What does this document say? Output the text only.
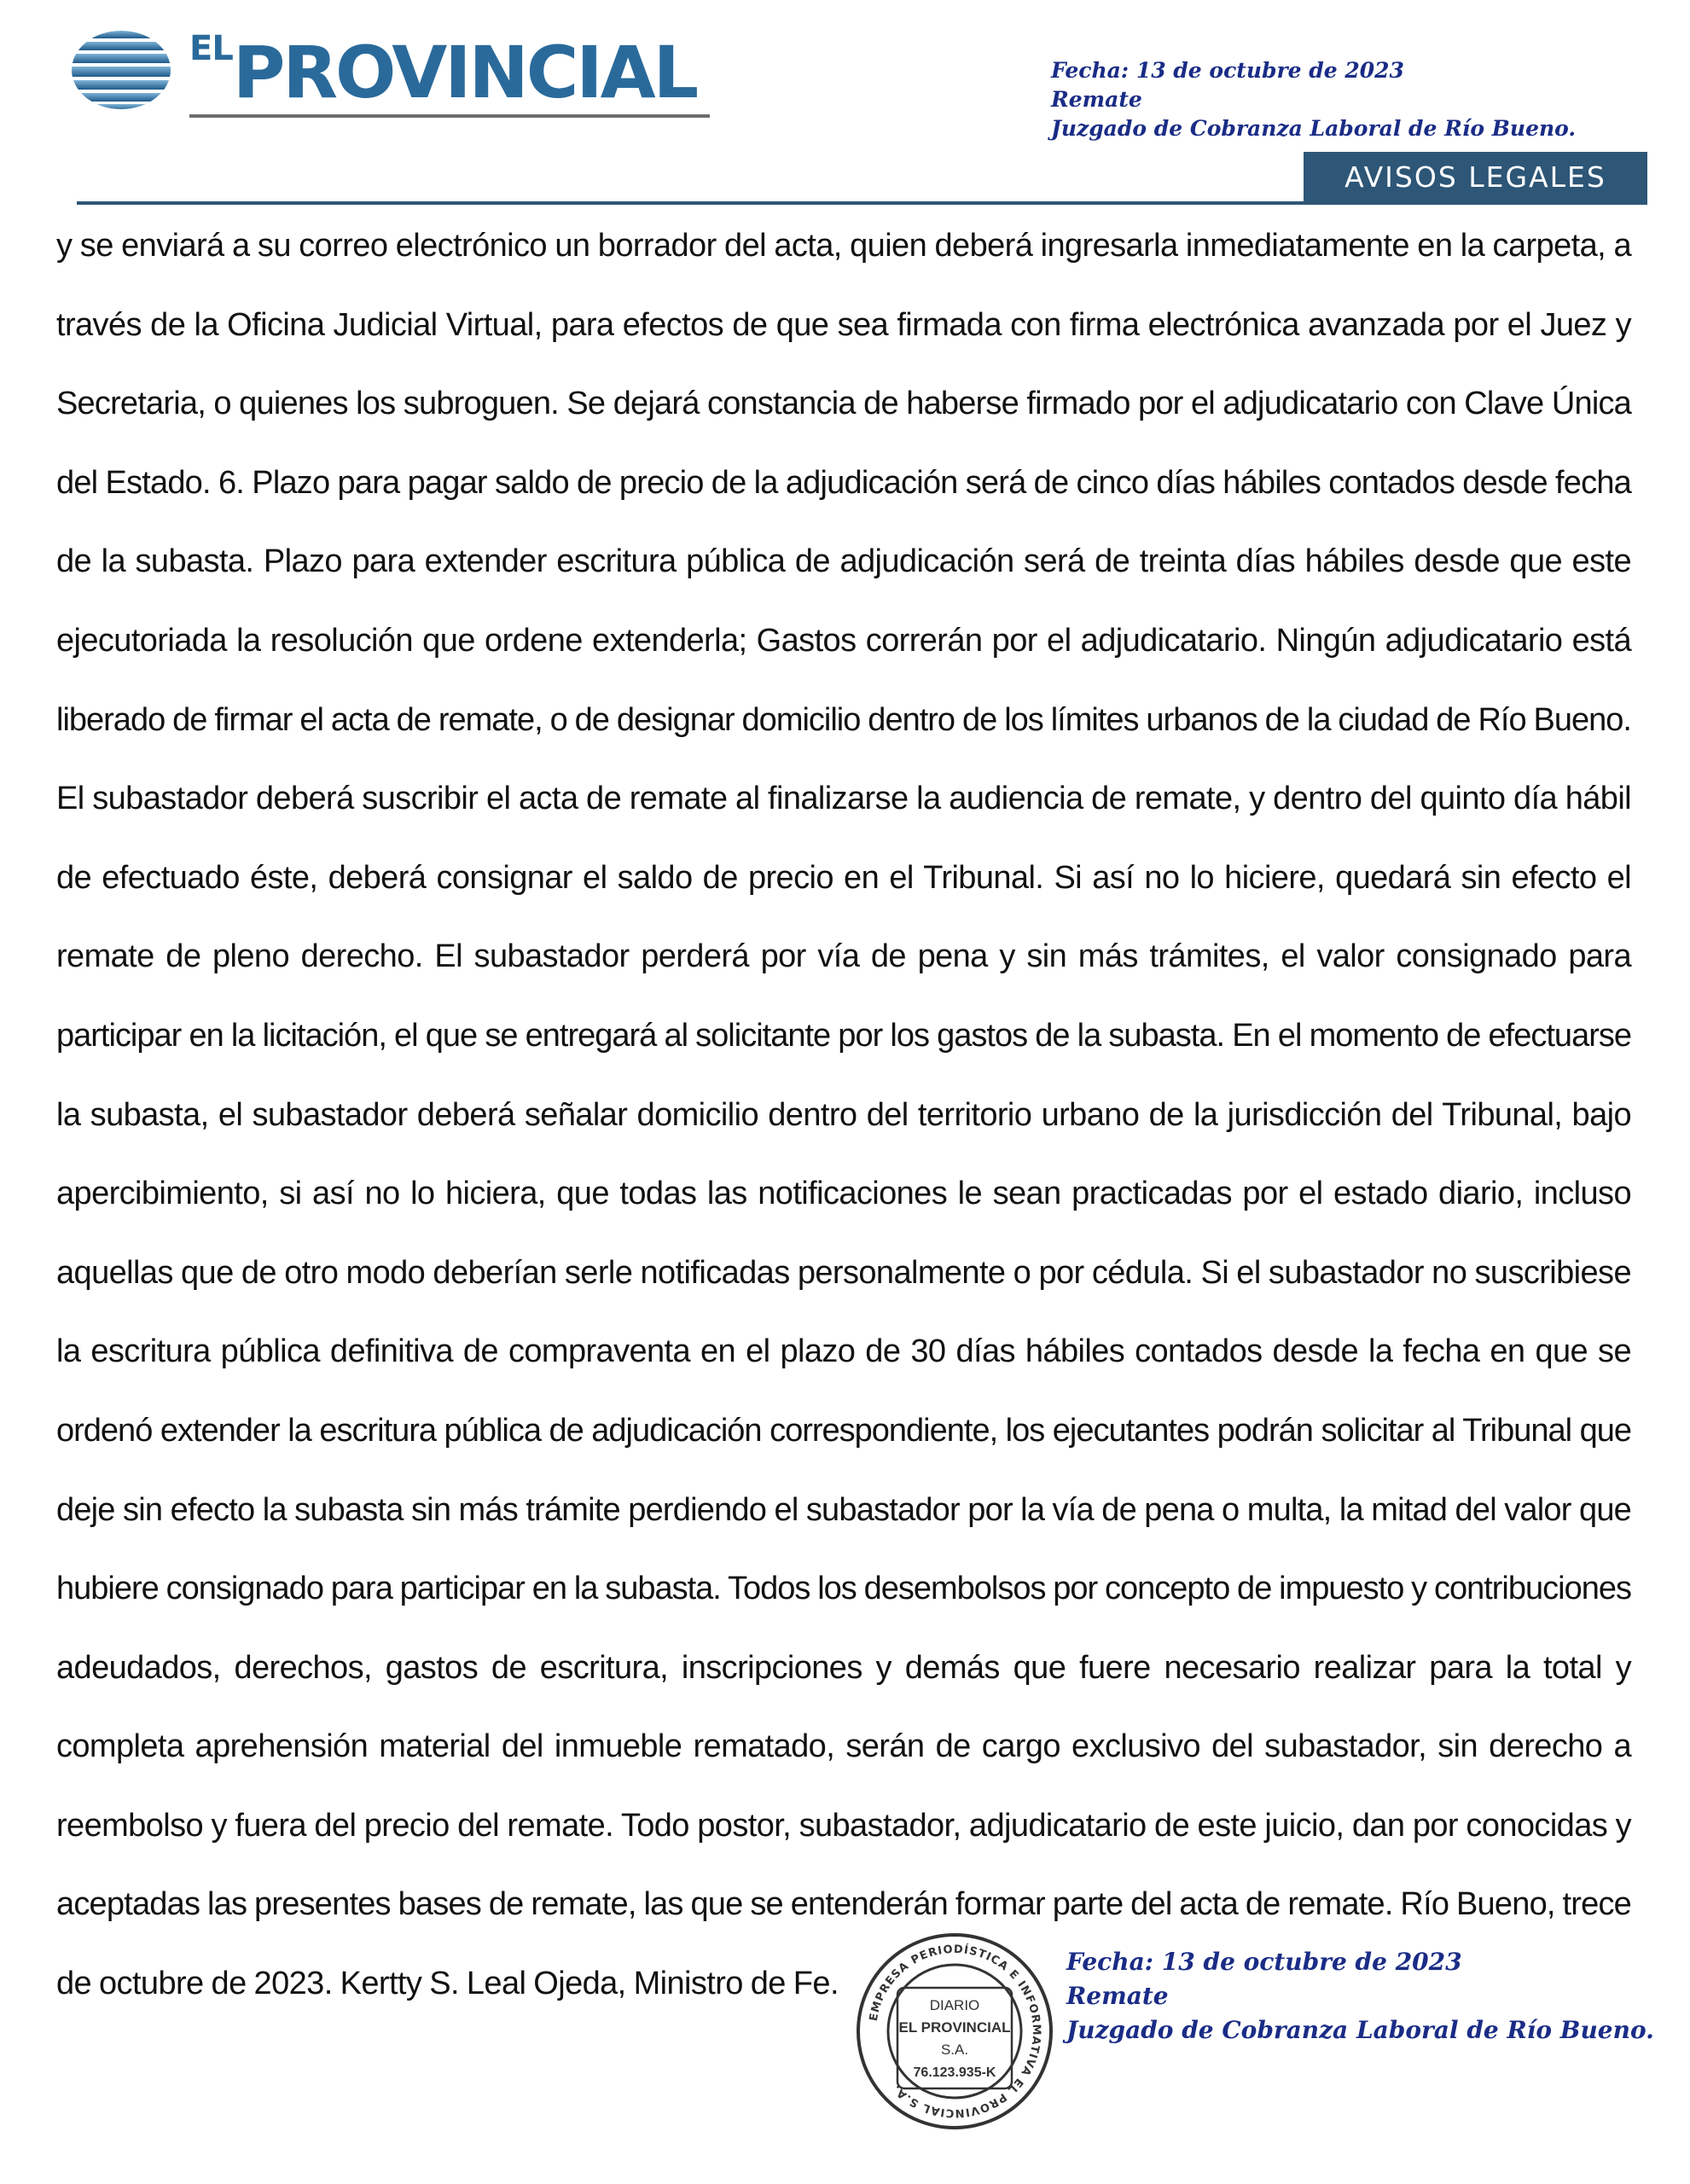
ELPROVINCIAL	Fecha: 13 de octubre de 2023
Remate
Juzgado de Cobranza Laboral de Río Bueno.
AVISOS LEGALES
y se enviará a su correo electrónico un borrador del acta, quien deberá ingresarla inmediatamente en la carpeta, a
través de la Oficina Judicial Virtual, para efectos de que sea firmada con firma electrónica avanzada por el Juez y
Secretaria, o quienes los subroguen. Se dejará constancia de haberse firmado por el adjudicatario con Clave Única
del Estado. 6. Plazo para pagar saldo de precio de la adjudicación será de cinco días hábiles contados desde fecha
de la subasta. Plazo para extender escritura pública de adjudicación será de treinta días hábiles desde que este
ejecutoriada la resolución que ordene extenderla; Gastos correrán por el adjudicatario. Ningún adjudicatario está
liberado de firmar el acta de remate, o de designar domicilio dentro de los límites urbanos de la ciudad de Río Bueno.
El subastador deberá suscribir el acta de remate al finalizarse la audiencia de remate, y dentro del quinto día hábil
de efectuado éste, deberá consignar el saldo de precio en el Tribunal. Si así no lo hiciere, quedará sin efecto el
remate de pleno derecho. El subastador perderá por vía de pena y sin más trámites, el valor consignado para
participar en la licitación, el que se entregará al solicitante por los gastos de la subasta. En el momento de efectuarse
la subasta, el subastador deberá señalar domicilio dentro del territorio urbano de la jurisdicción del Tribunal, bajo
apercibimiento, si así no lo hiciera, que todas las notificaciones le sean practicadas por el estado diario, incluso
aquellas que de otro modo deberían serle notificadas personalmente o por cédula. Si el subastador no suscribiese
la escritura pública definitiva de compraventa en el plazo de 30 días hábiles contados desde la fecha en que se
ordenó extender la escritura pública de adjudicación correspondiente, los ejecutantes podrán solicitar al Tribunal que
deje sin efecto la subasta sin más trámite perdiendo el subastador por la vía de pena o multa, la mitad del valor que
hubiere consignado para participar en la subasta. Todos los desembolsos por concepto de impuesto y contribuciones
adeudados, derechos, gastos de escritura, inscripciones y demás que fuere necesario realizar para la total y
completa aprehensión material del inmueble rematado, serán de cargo exclusivo del subastador, sin derecho a
reembolso y fuera del precio del remate. Todo postor, subastador, adjudicatario de este juicio, dan por conocidas y
aceptadas las presentes bases de remate, las que se entenderán formar parte del acta de remate. Río Bueno, trece
de octubre de 2023. Kertty S. Leal Ojeda, Ministro de Fe.
EMPRESA PERIODÍSTICA E INFORMATIVA EL PROVINCIAL S.A.
DIARIO
EL PROVINCIAL
S.A.
76.123.935-K
Fecha: 13 de octubre de 2023
Remate
Juzgado de Cobranza Laboral de Río Bueno.
